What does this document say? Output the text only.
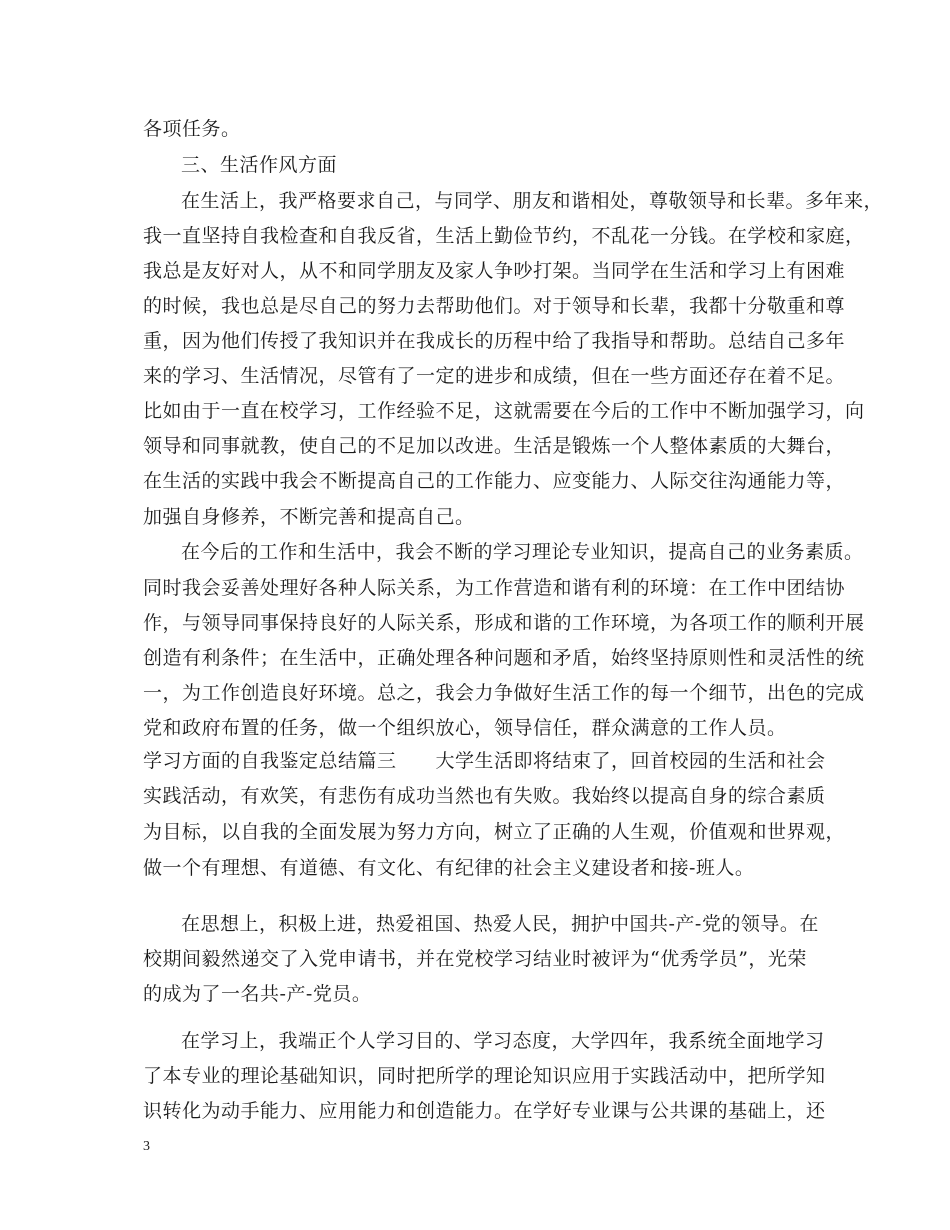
各项任务。
三、生活作风方面
在生活上，我严格要求自己，与同学、朋友和谐相处，尊敬领导和长辈。多年来，
我一直坚持自我检查和自我反省，生活上勤俭节约，不乱花一分钱。在学校和家庭，
我总是友好对人，从不和同学朋友及家人争吵打架。当同学在生活和学习上有困难
的时候，我也总是尽自己的努力去帮助他们。对于领导和长辈，我都十分敬重和尊
重，因为他们传授了我知识并在我成长的历程中给了我指导和帮助。总结自己多年
来的学习、生活情况，尽管有了一定的进步和成绩，但在一些方面还存在着不足。
比如由于一直在校学习，工作经验不足，这就需要在今后的工作中不断加强学习，向
领导和同事就教，使自己的不足加以改进。生活是锻炼一个人整体素质的大舞台，
在生活的实践中我会不断提高自己的工作能力、应变能力、人际交往沟通能力等，
加强自身修养，不断完善和提高自己。
在今后的工作和生活中，我会不断的学习理论专业知识，提高自己的业务素质。
同时我会妥善处理好各种人际关系，为工作营造和谐有利的环境：在工作中团结协
作，与领导同事保持良好的人际关系，形成和谐的工作环境，为各项工作的顺利开展
创造有利条件；在生活中，正确处理各种问题和矛盾，始终坚持原则性和灵活性的统
一，为工作创造良好环境。总之，我会力争做好生活工作的每一个细节，出色的完成
党和政府布置的任务，做一个组织放心，领导信任，群众满意的工作人员。
学习方面的自我鉴定总结篇三　　大学生活即将结束了，回首校园的生活和社会
实践活动，有欢笑，有悲伤有成功当然也有失败。我始终以提高自身的综合素质
为目标，以自我的全面发展为努力方向，树立了正确的人生观，价值观和世界观，
做一个有理想、有道德、有文化、有纪律的社会主义建设者和接-班人。
在思想上，积极上进，热爱祖国、热爱人民，拥护中国共-产-党的领导。在
校期间毅然递交了入党申请书，并在党校学习结业时被评为“优秀学员”，光荣
的成为了一名共-产-党员。
在学习上，我端正个人学习目的、学习态度，大学四年，我系统全面地学习
了本专业的理论基础知识，同时把所学的理论知识应用于实践活动中，把所学知
识转化为动手能力、应用能力和创造能力。在学好专业课与公共课的基础上，还
3
